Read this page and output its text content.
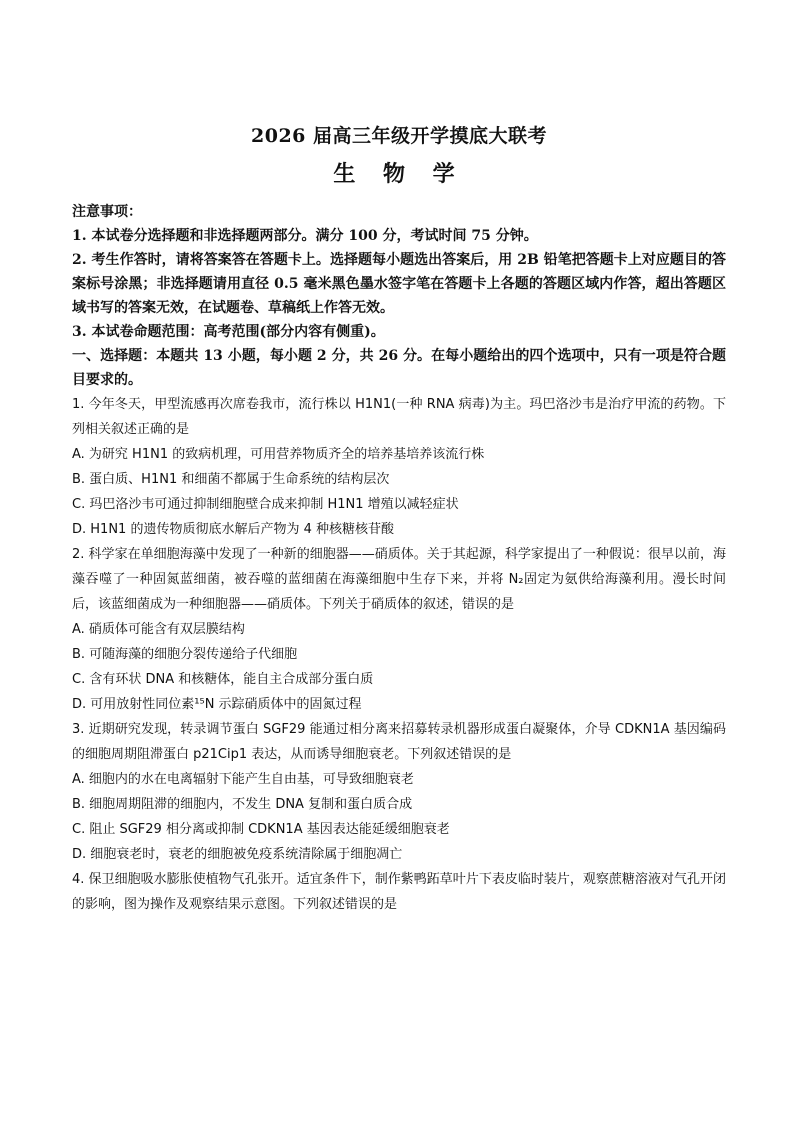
2026 届高三年级开学摸底大联考
生 物 学
注意事项：
1. 本试卷分选择题和非选择题两部分。满分 100 分，考试时间 75 分钟。
2. 考生作答时，请将答案答在答题卡上。选择题每小题选出答案后，用 2B 铅笔把答题卡上对应题目的答案标号涂黑；非选择题请用直径 0.5 毫米黑色墨水签字笔在答题卡上各题的答题区域内作答，超出答题区域书写的答案无效，在试题卷、草稿纸上作答无效。
3. 本试卷命题范围：高考范围(部分内容有侧重)。
一、选择题：本题共 13 小题，每小题 2 分，共 26 分。在每小题给出的四个选项中，只有一项是符合题目要求的。
1. 今年冬天，甲型流感再次席卷我市，流行株以 H1N1(一种 RNA 病毒)为主。玛巴洛沙韦是治疗甲流的药物。下列相关叙述正确的是
A. 为研究 H1N1 的致病机理，可用营养物质齐全的培养基培养该流行株
B. 蛋白质、H1N1 和细菌不都属于生命系统的结构层次
C. 玛巴洛沙韦可通过抑制细胞壁合成来抑制 H1N1 增殖以减轻症状
D. H1N1 的遗传物质彻底水解后产物为 4 种核糖核苷酸
2. 科学家在单细胞海藻中发现了一种新的细胞器——硝质体。关于其起源，科学家提出了一种假说：很早以前，海藻吞噬了一种固氮蓝细菌，被吞噬的蓝细菌在海藻细胞中生存下来，并将 N₂固定为氨供给海藻利用。漫长时间后，该蓝细菌成为一种细胞器——硝质体。下列关于硝质体的叙述，错误的是
A. 硝质体可能含有双层膜结构
B. 可随海藻的细胞分裂传递给子代细胞
C. 含有环状 DNA 和核糖体，能自主合成部分蛋白质
D. 可用放射性同位素¹⁵N 示踪硝质体中的固氮过程
3. 近期研究发现，转录调节蛋白 SGF29 能通过相分离来招募转录机器形成蛋白凝聚体，介导 CDKN1A 基因编码的细胞周期阻滞蛋白 p21Cip1 表达，从而诱导细胞衰老。下列叙述错误的是
A. 细胞内的水在电离辐射下能产生自由基，可导致细胞衰老
B. 细胞周期阻滞的细胞内，不发生 DNA 复制和蛋白质合成
C. 阻止 SGF29 相分离或抑制 CDKN1A 基因表达能延缓细胞衰老
D. 细胞衰老时，衰老的细胞被免疫系统清除属于细胞凋亡
4. 保卫细胞吸水膨胀使植物气孔张开。适宜条件下，制作紫鸭跖草叶片下表皮临时装片，观察蔗糖溶液对气孔开闭的影响，图为操作及观察结果示意图。下列叙述错误的是
